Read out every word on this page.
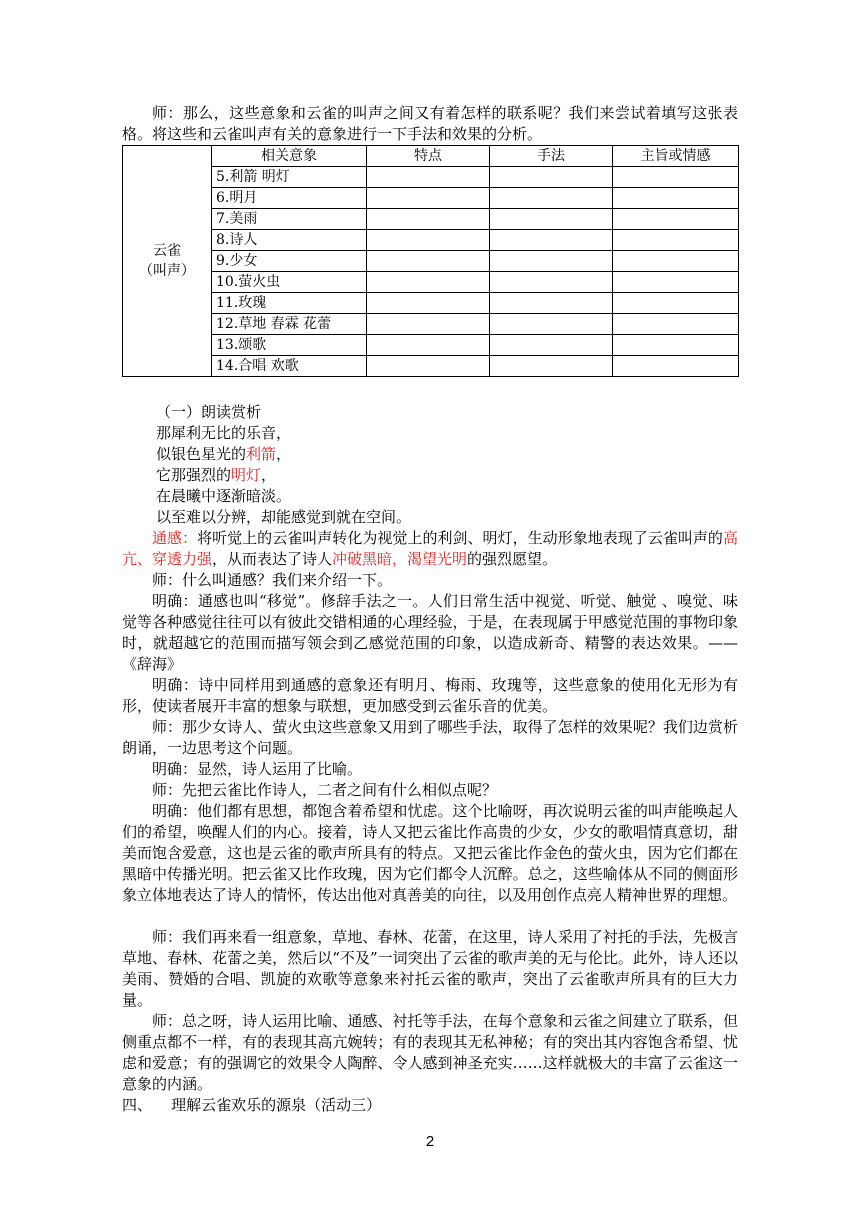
师：那么，这些意象和云雀的叫声之间又有着怎样的联系呢？我们来尝试着填写这张表格。将这些和云雀叫声有关的意象进行一下手法和效果的分析。

云雀
（叫声）	相关意象	特点	手法	主旨或情感
	5.利箭 明灯			
	6.明月			
	7.美雨			
	8.诗人			
	9.少女			
	10.萤火虫			
	11.玫瑰			
	12.草地 春霖 花蕾			
	13.颂歌			
	14.合唱 欢歌			

（一）朗读赏析

那犀利无比的乐音，

似银色星光的利箭，

它那强烈的明灯，

在晨曦中逐渐暗淡。

以至难以分辨，却能感觉到就在空间。

通感：将听觉上的云雀叫声转化为视觉上的利剑、明灯，生动形象地表现了云雀叫声的高亢、穿透力强，从而表达了诗人冲破黑暗，渴望光明的强烈愿望。

师：什么叫通感？我们来介绍一下。

明确：通感也叫“移觉”。修辞手法之一。人们日常生活中视觉、听觉、触觉 、嗅觉、味觉等各种感觉往往可以有彼此交错相通的心理经验，于是，在表现属于甲感觉范围的事物印象时，就超越它的范围而描写领会到乙感觉范围的印象，以造成新奇、精警的表达效果。——《辞海》

明确：诗中同样用到通感的意象还有明月、梅雨、玫瑰等，这些意象的使用化无形为有形，使读者展开丰富的想象与联想，更加感受到云雀乐音的优美。

师：那少女诗人、萤火虫这些意象又用到了哪些手法，取得了怎样的效果呢？我们边赏析朗诵，一边思考这个问题。

明确：显然，诗人运用了比喻。

师：先把云雀比作诗人，二者之间有什么相似点呢？

明确：他们都有思想，都饱含着希望和忧虑。这个比喻呀，再次说明云雀的叫声能唤起人们的希望，唤醒人们的内心。接着，诗人又把云雀比作高贵的少女，少女的歌唱情真意切，甜美而饱含爱意，这也是云雀的歌声所具有的特点。又把云雀比作金色的萤火虫，因为它们都在黑暗中传播光明。把云雀又比作玫瑰，因为它们都令人沉醉。总之，这些喻体从不同的侧面形象立体地表达了诗人的情怀，传达出他对真善美的向往，以及用创作点亮人精神世界的理想。

师：我们再来看一组意象，草地、春林、花蕾，在这里，诗人采用了衬托的手法，先极言草地、春林、花蕾之美，然后以“不及”一词突出了云雀的歌声美的无与伦比。此外，诗人还以美雨、赞婚的合唱、凯旋的欢歌等意象来衬托云雀的歌声，突出了云雀歌声所具有的巨大力量。

师：总之呀，诗人运用比喻、通感、衬托等手法，在每个意象和云雀之间建立了联系，但侧重点都不一样，有的表现其高亢婉转；有的表现其无私神秘；有的突出其内容饱含希望、忧虑和爱意；有的强调它的效果令人陶醉、令人感到神圣充实……这样就极大的丰富了云雀这一意象的内涵。

四、    理解云雀欢乐的源泉（活动三）

2
